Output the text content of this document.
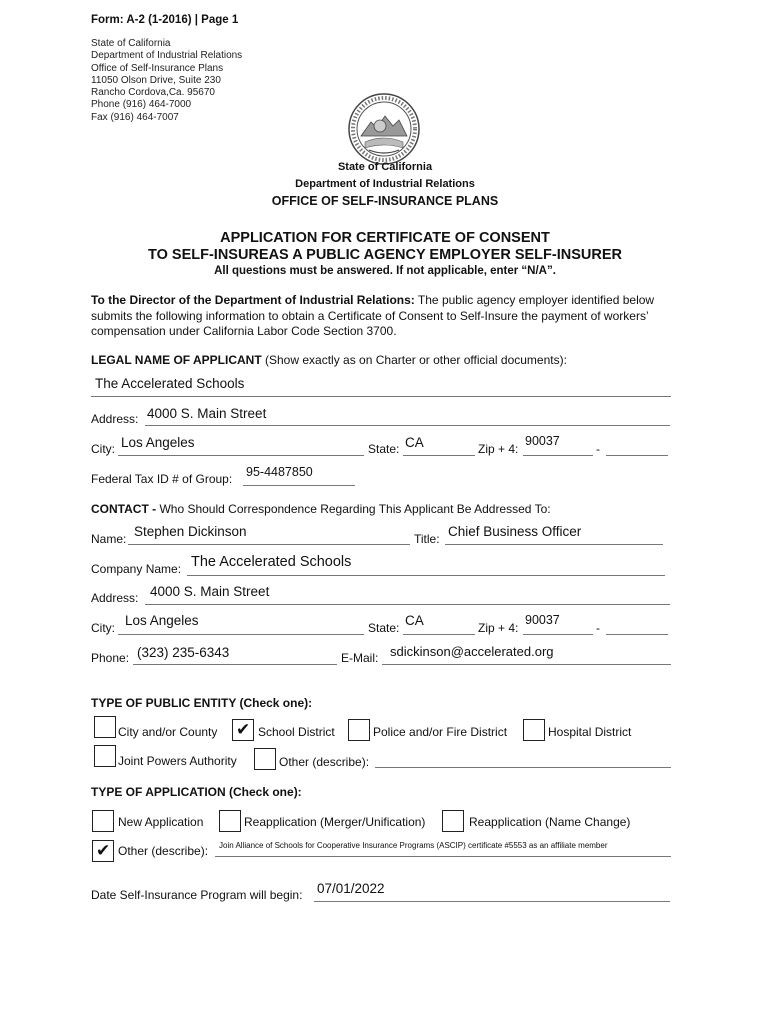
Form: A-2 (1-2016) | Page 1
State of California
Department of Industrial Relations
Office of Self-Insurance Plans
11050 Olson Drive, Suite 230
Rancho Cordova,Ca. 95670
Phone (916) 464-7000
Fax (916) 464-7007
State of California
Department of Industrial Relations
OFFICE OF SELF-INSURANCE PLANS
APPLICATION FOR CERTIFICATE OF CONSENT
TO SELF-INSUREAS A PUBLIC AGENCY EMPLOYER SELF-INSURER
All questions must be answered. If not applicable, enter “N/A”.
To the Director of the Department of Industrial Relations: The public agency employer identified below submits the following information to obtain a Certificate of Consent to Self-Insure the payment of workers’ compensation under California Labor Code Section 3700.
LEGAL NAME OF APPLICANT (Show exactly as on Charter or other official documents):
The Accelerated Schools
Address: 4000 S. Main Street
City: Los Angeles	State: CA	Zip + 4:
90037
-
Federal Tax ID # of Group: 95-4487850
CONTACT - Who Should Correspondence Regarding This Applicant Be Addressed To:
Name: Stephen Dickinson	Title: Chief Business Officer
Company Name: The Accelerated Schools
Address: 4000 S. Main Street
City: Los Angeles	State: CA	Zip + 4:
90037
-
Phone: (323) 235-6343	E-Mail: sdickinson@accelerated.org
TYPE OF PUBLIC ENTITY (Check one):
City and/or County ✔ School District	Police and/or Fire District	Hospital District
Joint Powers Authority	Other (describe):
TYPE OF APPLICATION (Check one):
New Application	Reapplication (Merger/Unification)	Reapplication (Name Change)
✔ Other (describe): Join Alliance of Schools for Cooperative Insurance Programs (ASCIP) certificate #5553 as an affiliate member
Date Self-Insurance Program will begin: 07/01/2022
